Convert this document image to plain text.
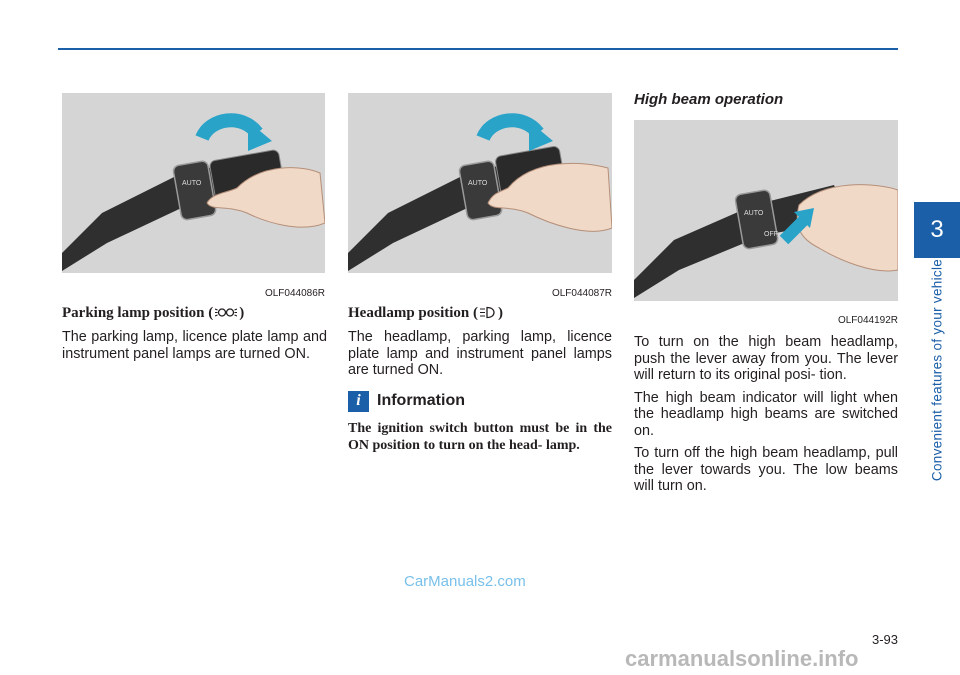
3
Convenient features of your vehicle
AUTO
OLF044086R
AUTO
OLF044087R
AUTO
OFF
OLF044192R
Parking lamp position ( )

The parking lamp, licence plate lamp and instrument panel lamps are turned ON.

Headlamp position ( )

The headlamp, parking lamp, licence plate lamp and instrument panel lamps are turned ON.

i	Information
The ignition switch button must be in the ON position to turn on the head- lamp.
High beam operation

To turn on the high beam headlamp, push the lever away from you. The lever will return to its original posi- tion.

The high beam indicator will light when the headlamp high beams are switched on.

To turn off the high beam headlamp, pull the lever towards you. The low beams will turn on.

3-93
CarManuals2.com
carmanualsonline.info
